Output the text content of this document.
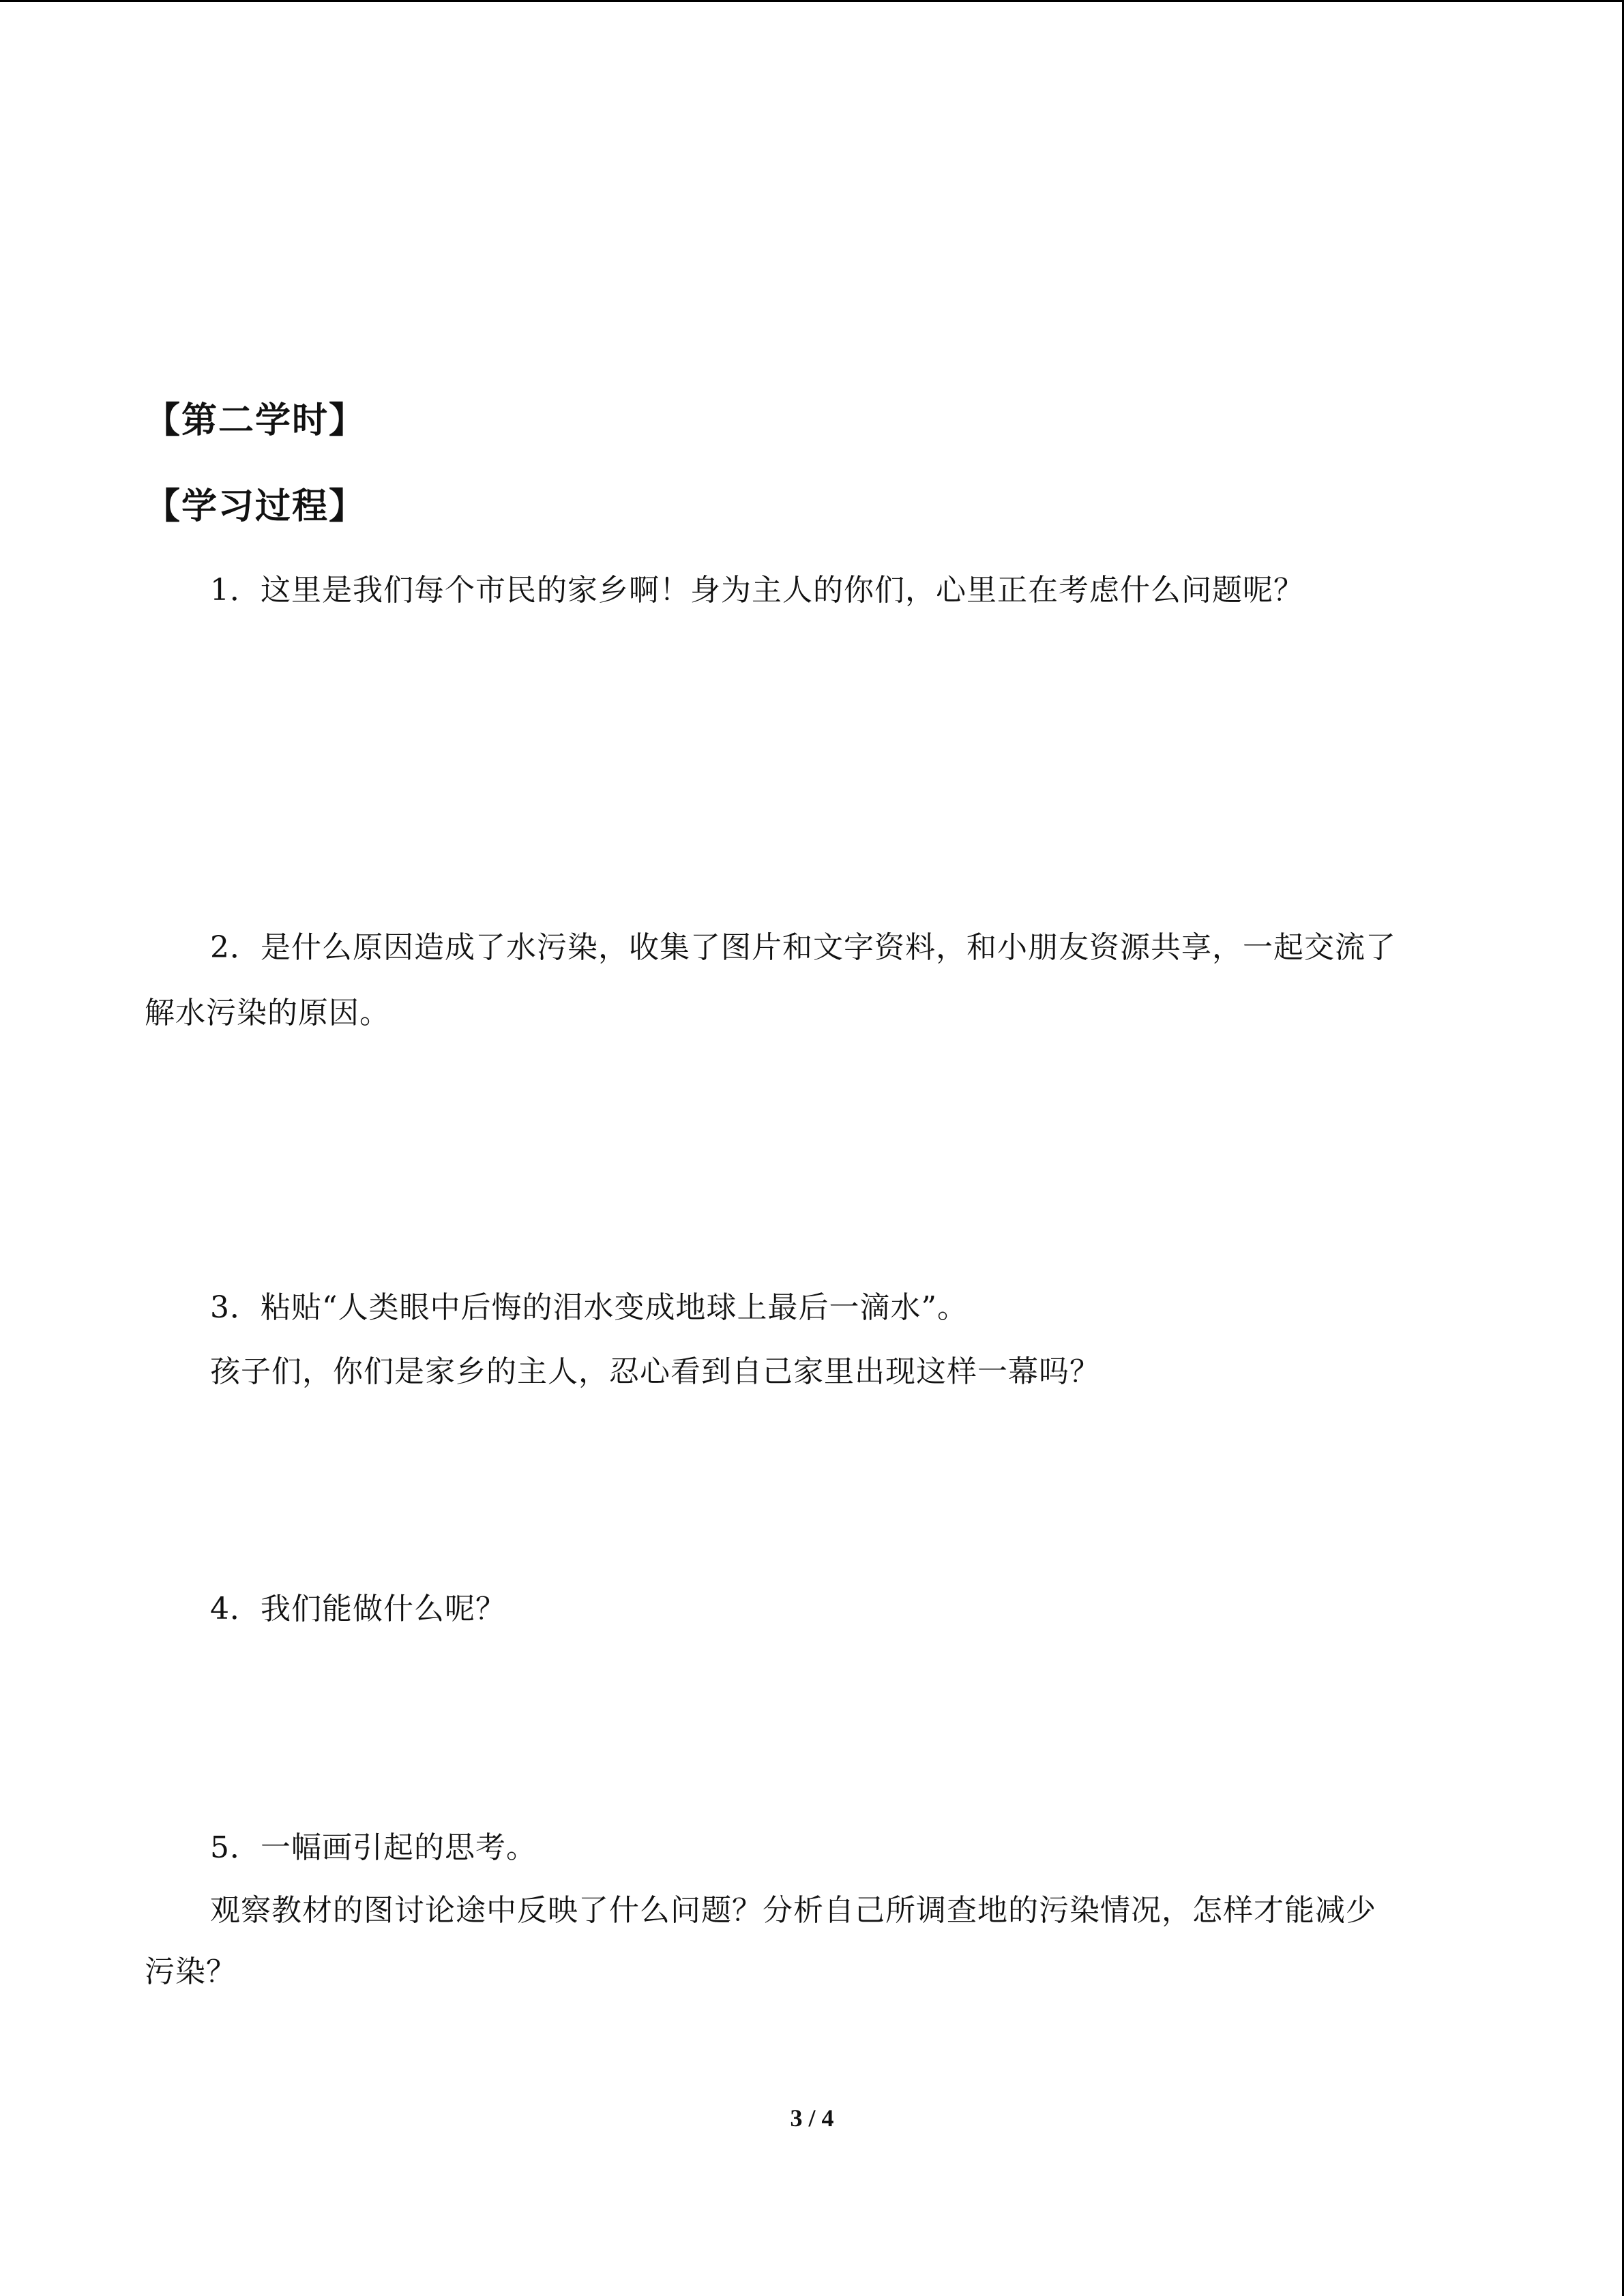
【第二学时】
【学习过程】
1．这里是我们每个市民的家乡啊！身为主人的你们，心里正在考虑什么问题呢？
2．是什么原因造成了水污染，收集了图片和文字资料，和小朋友资源共享，一起交流了
解水污染的原因。
3．粘贴“人类眼中后悔的泪水变成地球上最后一滴水”。
孩子们，你们是家乡的主人，忍心看到自己家里出现这样一幕吗？
4．我们能做什么呢？
5．一幅画引起的思考。
观察教材的图讨论途中反映了什么问题？分析自己所调查地的污染情况，怎样才能减少
污染？
3 / 4
